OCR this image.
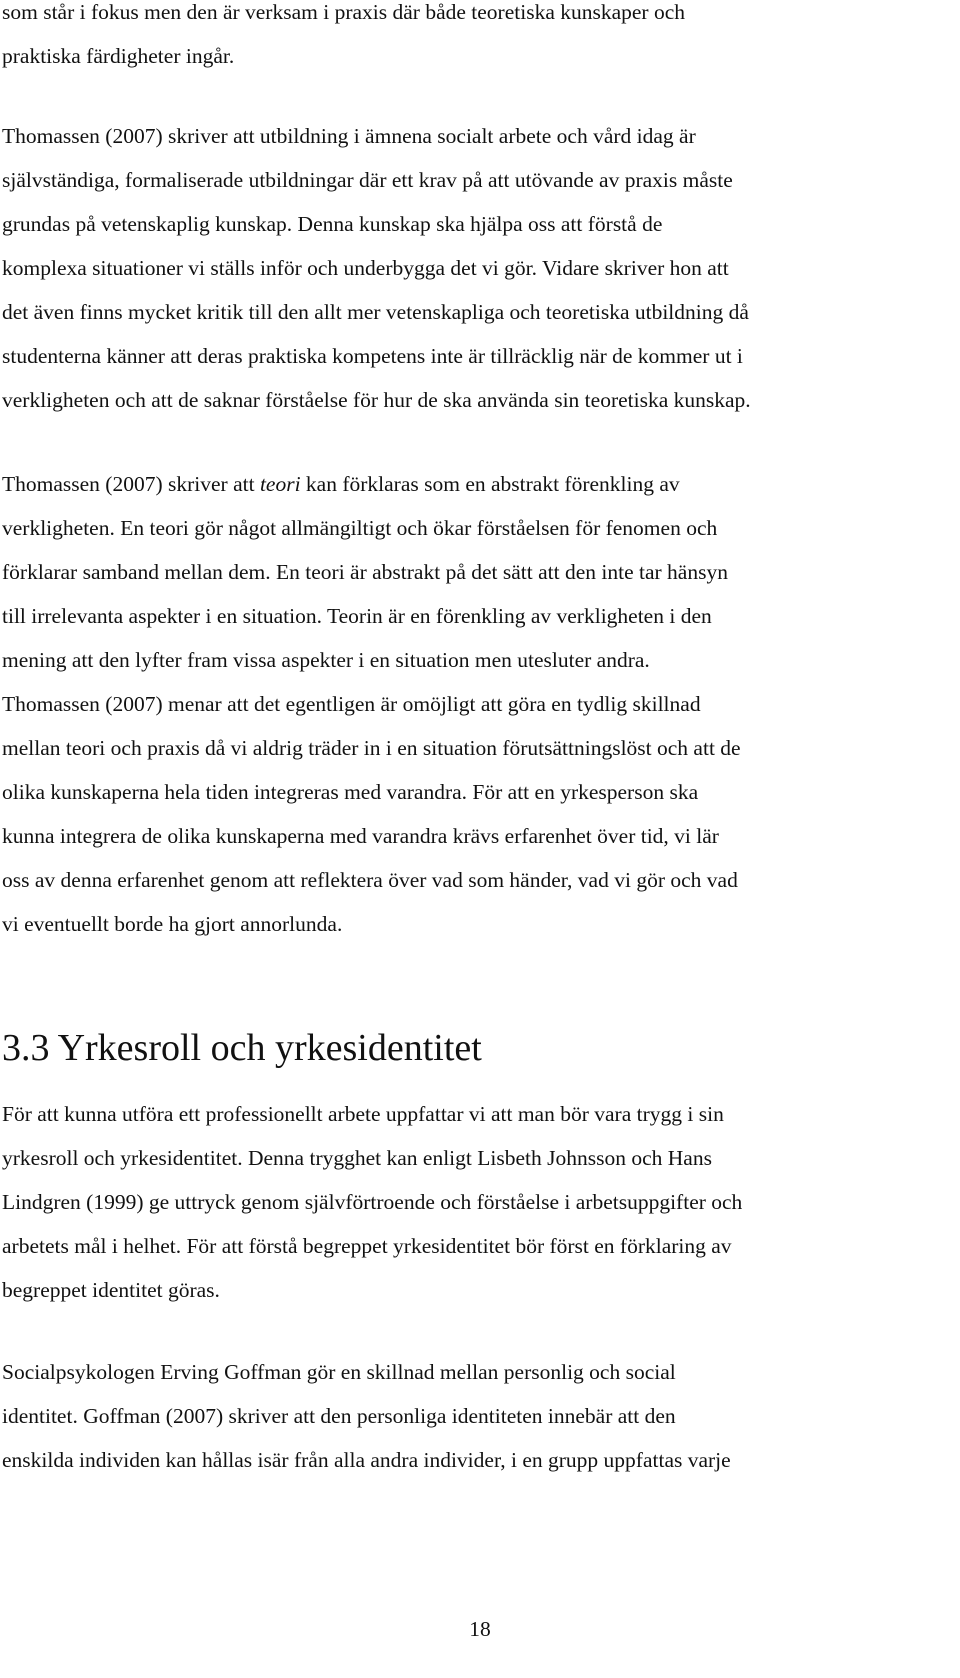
som står i fokus men den är verksam i praxis där både teoretiska kunskaper och
praktiska färdigheter ingår.
Thomassen (2007) skriver att utbildning i ämnena socialt arbete och vård idag är
självständiga, formaliserade utbildningar där ett krav på att utövande av praxis måste
grundas på vetenskaplig kunskap. Denna kunskap ska hjälpa oss att förstå de
komplexa situationer vi ställs inför och underbygga det vi gör. Vidare skriver hon att
det även finns mycket kritik till den allt mer vetenskapliga och teoretiska utbildning då
studenterna känner att deras praktiska kompetens inte är tillräcklig när de kommer ut i
verkligheten och att de saknar förståelse för hur de ska använda sin teoretiska kunskap.
Thomassen (2007) skriver att teori kan förklaras som en abstrakt förenkling av
verkligheten. En teori gör något allmängiltigt och ökar förståelsen för fenomen och
förklarar samband mellan dem. En teori är abstrakt på det sätt att den inte tar hänsyn
till irrelevanta aspekter i en situation. Teorin är en förenkling av verkligheten i den
mening att den lyfter fram vissa aspekter i en situation men utesluter andra.
Thomassen (2007) menar att det egentligen är omöjligt att göra en tydlig skillnad
mellan teori och praxis då vi aldrig träder in i en situation förutsättningslöst och att de
olika kunskaperna hela tiden integreras med varandra. För att en yrkesperson ska
kunna integrera de olika kunskaperna med varandra krävs erfarenhet över tid, vi lär
oss av denna erfarenhet genom att reflektera över vad som händer, vad vi gör och vad
vi eventuellt borde ha gjort annorlunda.
3.3 Yrkesroll och yrkesidentitet
För att kunna utföra ett professionellt arbete uppfattar vi att man bör vara trygg i sin
yrkesroll och yrkesidentitet. Denna trygghet kan enligt Lisbeth Johnsson och Hans
Lindgren (1999) ge uttryck genom självförtroende och förståelse i arbetsuppgifter och
arbetets mål i helhet. För att förstå begreppet yrkesidentitet bör först en förklaring av
begreppet identitet göras.
Socialpsykologen Erving Goffman gör en skillnad mellan personlig och social
identitet. Goffman (2007) skriver att den personliga identiteten innebär att den
enskilda individen kan hållas isär från alla andra individer, i en grupp uppfattas varje
18
